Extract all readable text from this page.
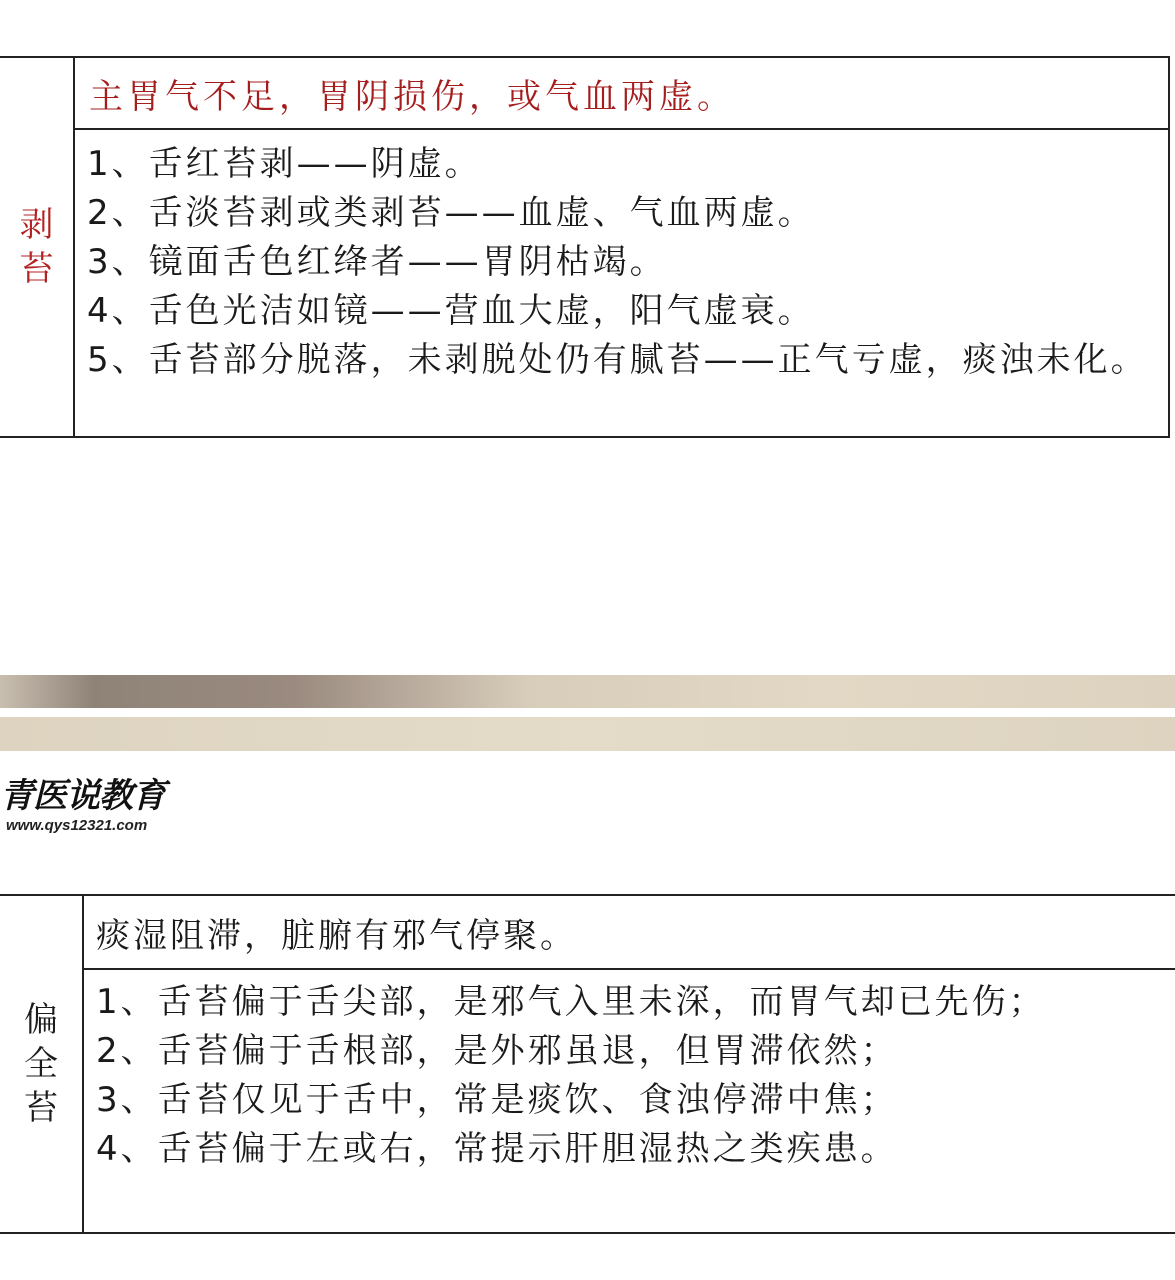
剥
苔
主胃气不足，胃阴损伤，或气血两虚。
1、舌红苔剥——阴虚。
2、舌淡苔剥或类剥苔——血虚、气血两虚。
3、镜面舌色红绛者——胃阴枯竭。
4、舌色光洁如镜——营血大虚，阳气虚衰。
5、舌苔部分脱落，未剥脱处仍有腻苔——正气亏虚，痰浊未化。
青医说教育
www.qys12321.com
偏
全
苔
痰湿阻滞，脏腑有邪气停聚。
1、舌苔偏于舌尖部，是邪气入里未深，而胃气却已先伤；
2、舌苔偏于舌根部，是外邪虽退，但胃滞依然；
3、舌苔仅见于舌中，常是痰饮、食浊停滞中焦；
4、舌苔偏于左或右，常提示肝胆湿热之类疾患。
